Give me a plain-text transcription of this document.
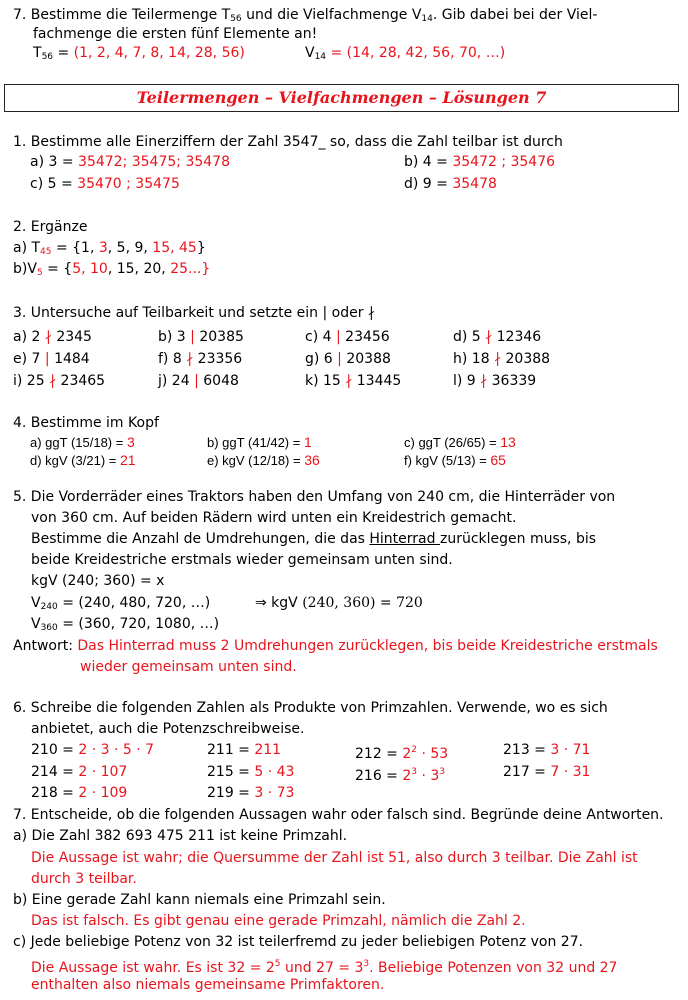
7. Bestimme die Teilermenge $T_{56}$ und die Vielfachmenge $V_{14}$. Gib dabei bei der Viel-
fachmenge die ersten fünf Elemente an!
$T_{56} = (1$, 2, 4, 7, 8, 14, 28, 56)	$V_{14} = (14$, 28, 42, 56, 70, …)
Teilermengen – Vielfachmengen – Lösungen 7
1. Bestimme alle Einerziffern der Zahl 3547_ so, dass die Zahl teilbar ist durch
a) 3 = 35472; 35475; 35478	b) 4 = 35472 ; 35476
c) 5 = 35470 ; 35475	d) 9 = 35478
2. Ergänze
a) $T_{45} = \{1$, 3, 5, 9, 15, 45}
$b)V_5 = \{5$, 10, 15, 20, 25...}
3. Untersuche auf Teilbarkeit und setzte ein | oder ∤
a) 2 ∤ 2345	b) 3 | 20385	c) 4 | 23456	d) 5 ∤ 12346
e) 7 | 1484	f) 8 ∤ 23356	g) 6 | 20388	h) 18 ∤ 20388
i) 25 ∤ 23465	j) 24 | 6048	k) 15 ∤ 13445	l) 9 ∤ 36339
4. Bestimme im Kopf
a) ggT (15/18) = 3	b) ggT (41/42) = 1	c) ggT (26/65) = 13
d) kgV (3/21) = 21	e) kgV (12/18) = 36	f) kgV (5/13) = 65
5. Die Vorderräder eines Traktors haben den Umfang von 240 cm, die Hinterräder von
von 360 cm. Auf beiden Rädern wird unten ein Kreidestrich gemacht.
Bestimme die Anzahl de Umdrehungen, die das Hinterrad zurücklegen muss, bis
beide Kreidestriche erstmals wieder gemeinsam unten sind.
kgV (240; 360) = x
$V_{240} = (240$, 480, 720, …)	⇒ kgV (240, 360) = 720
$V_{360} = (360$, 720, 1080, …)
Antwort: Das Hinterrad muss 2 Umdrehungen zurücklegen, bis beide Kreidestriche erstmals
wieder gemeinsam unten sind.
6. Schreibe die folgenden Zahlen als Produkte von Primzahlen. Verwende, wo es sich
anbietet, auch die Potenzschreibweise.
210 = 2 · 3 · 5 · 7	211 = 211	$212 = 2^2 \cdot 53$	213 = 3 · 71
214 = 2 · 107	215 = 5 · 43	$216 = 2^3 \cdot 3^3$	217 = 7 · 31
218 = 2 · 109	219 = 3 · 73
7. Entscheide, ob die folgenden Aussagen wahr oder falsch sind. Begründe deine Antworten.
a) Die Zahl 382 693 475 211 ist keine Primzahl.
Die Aussage ist wahr; die Quersumme der Zahl ist 51, also durch 3 teilbar. Die Zahl ist
durch 3 teilbar.
b) Eine gerade Zahl kann niemals eine Primzahl sein.
Das ist falsch. Es gibt genau eine gerade Primzahl, nämlich die Zahl 2.
c) Jede beliebige Potenz von 32 ist teilerfremd zu jeder beliebigen Potenz von 27.
Die Aussage ist wahr. Es ist $32 = 2^5$ und $27 = 3^3$. Beliebige Potenzen von 32 und 27
enthalten also niemals gemeinsame Primfaktoren.
